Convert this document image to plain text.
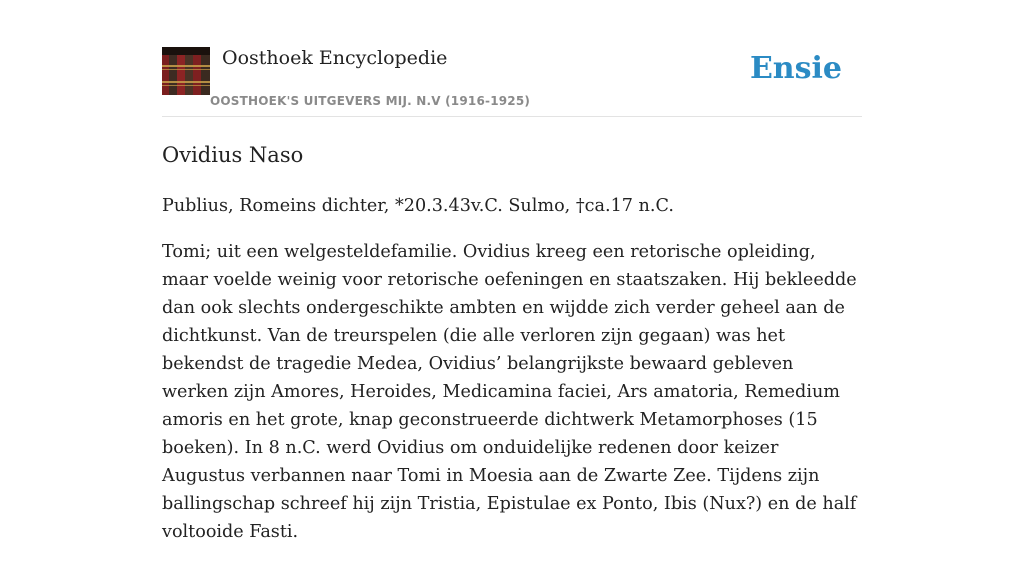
Oosthoek Encyclopedie
OOSTHOEK'S UITGEVERS MIJ. N.V (1916-1925)
Ensie
Ovidius Naso

Publius, Romeins dichter, *20.3.43v.C. Sulmo, †ca.17 n.C.

Tomi; uit een welgesteldefamilie. Ovidius kreeg een retorische opleiding, maar voelde weinig voor retorische oefeningen en staatszaken. Hij bekleedde dan ook slechts ondergeschikte ambten en wijdde zich verder geheel aan de dichtkunst. Van de treurspelen (die alle verloren zijn gegaan) was het bekendst de tragedie Medea, Ovidius’ belangrijkste bewaard gebleven werken zijn Amores, Heroides, Medicamina faciei, Ars amatoria, Remedium amoris en het grote, knap geconstrueerde dichtwerk Metamorphoses (15 boeken). In 8 n.C. werd Ovidius om onduidelijke redenen door keizer Augustus verbannen naar Tomi in Moesia aan de Zwarte Zee. Tijdens zijn ballingschap schreef hij zijn Tristia, Epistulae ex Ponto, Ibis (Nux?) en de half voltooide Fasti.
